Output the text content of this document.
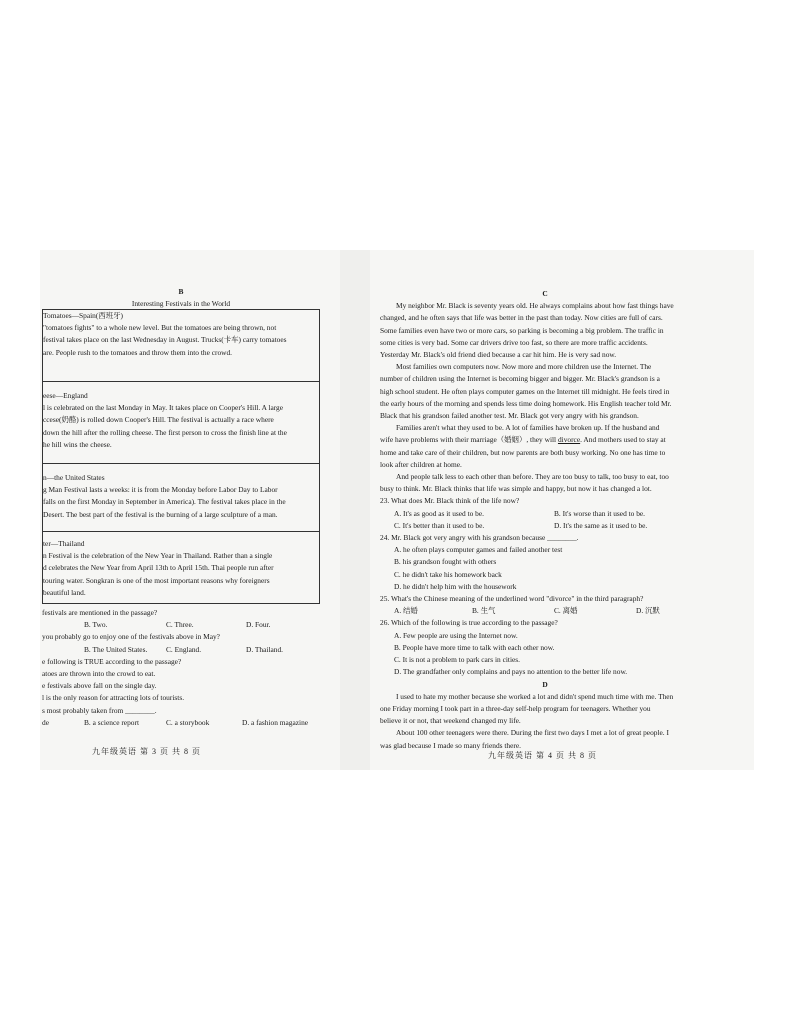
B
Interesting Festivals in the World
Tomatoes—Spain(西班牙)
"tomatoes fights" to a whole new level. But the tomatoes are being thrown, not
festival takes place on the last Wednesday in August. Trucks(卡车) carry tomatoes
are. People rush to the tomatoes and throw them into the crowd.
eese—England
l is celebrated on the last Monday in May. It takes place on Cooper's Hill. A large
ccese(奶酪) is rolled down Cooper's Hill. The festival is actually a race where
down the hill after the rolling cheese. The first person to cross the finish line at the
he hill wins the cheese.
n—the United States
g Man Festival lasts a weeks: it is from the Monday before Labor Day to Labor
falls on the first Monday in September in America). The festival takes place in the
Desert. The best part of the festival is the burning of a large sculpture of a man.
ter—Thailand
n Festival is the celebration of the New Year in Thailand. Rather than a single
d celebrates the New Year from April 13th to April 15th. Thai people run after
touring water. Songkran is one of the most important reasons why foreigners
beautiful land.
festivals are mentioned in the passage?
B. Two.	C. Three.	D. Four.
you probably go to enjoy one of the festivals above in May?
B. The United States.	C. England.	D. Thailand.
e following is TRUE according to the passage?
atoes are thrown into the crowd to eat.
e festivals above fall on the single day.
l is the only reason for attracting lots of tourists.
s most probably taken from ________.
de	B. a science report	C. a storybook	D. a fashion magazine
九年级英语 第 3 页 共 8 页
C
My neighbor Mr. Black is seventy years old. He always complains about how fast things have
changed, and he often says that life was better in the past than today. Now cities are full of cars.
Some families even have two or more cars, so parking is becoming a big problem. The traffic in
some cities is very bad. Some car drivers drive too fast, so there are more traffic accidents.
Yesterday Mr. Black's old friend died because a car hit him. He is very sad now.
Most families own computers now. Now more and more children use the Internet. The
number of children using the Internet is becoming bigger and bigger. Mr. Black's grandson is a
high school student. He often plays computer games on the Internet till midnight. He feels tired in
the early hours of the morning and spends less time doing homework. His English teacher told Mr.
Black that his grandson failed another test. Mr. Black got very angry with his grandson.
Families aren't what they used to be. A lot of families have broken up. If the husband and
wife have problems with their marriage（婚姻）, they will divorce. And mothers used to stay at
home and take care of their children, but now parents are both busy working. No one has time to
look after children at home.
And people talk less to each other than before. They are too busy to talk, too busy to eat, too
busy to think. Mr. Black thinks that life was simple and happy, but now it has changed a lot.
23. What does Mr. Black think of the life now?
A. It's as good as it used to be.	B. It's worse than it used to be.
C. It's better than it used to be.	D. It's the same as it used to be.
24. Mr. Black got very angry with his grandson because ________.
A. he often plays computer games and failed another test
B. his grandson fought with others
C. he didn't take his homework back
D. he didn't help him with the housework
25. What's the Chinese meaning of the underlined word "divorce" in the third paragraph?
A. 结婚	B. 生气	C. 离婚	D. 沉默
26. Which of the following is true according to the passage?
A. Few people are using the Internet now.
B. People have more time to talk with each other now.
C. It is not a problem to park cars in cities.
D. The grandfather only complains and pays no attention to the better life now.
D
I used to hate my mother because she worked a lot and didn't spend much time with me. Then
one Friday morning I took part in a three-day self-help program for teenagers. Whether you
believe it or not, that weekend changed my life.
About 100 other teenagers were there. During the first two days I met a lot of great people. I
was glad because I made so many friends there.
九年级英语 第 4 页 共 8 页
